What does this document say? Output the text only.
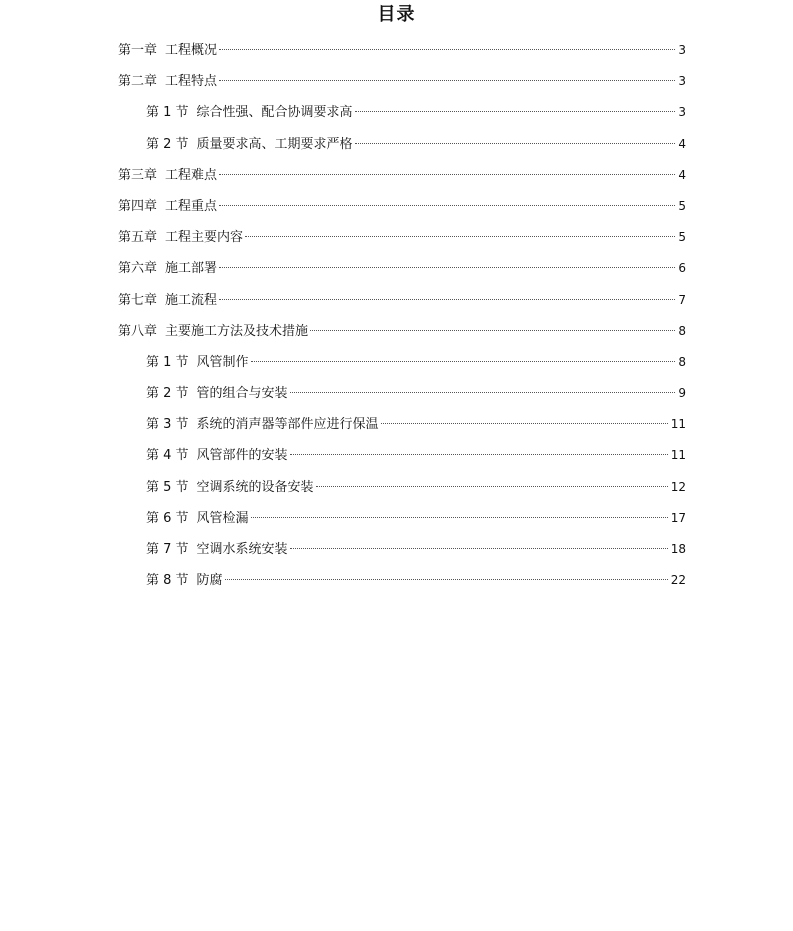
目录
第一章 工程概况	3
第二章 工程特点	3
第 1 节 综合性强、配合协调要求高	3
第 2 节 质量要求高、工期要求严格	4
第三章 工程难点	4
第四章 工程重点	5
第五章 工程主要内容	5
第六章 施工部署	6
第七章 施工流程	7
第八章 主要施工方法及技术措施	8
第 1 节 风管制作	8
第 2 节 管的组合与安装	9
第 3 节 系统的消声器等部件应进行保温	11
第 4 节 风管部件的安装	11
第 5 节 空调系统的设备安装	12
第 6 节 风管检漏	17
第 7 节 空调水系统安装	18
第 8 节 防腐	22
